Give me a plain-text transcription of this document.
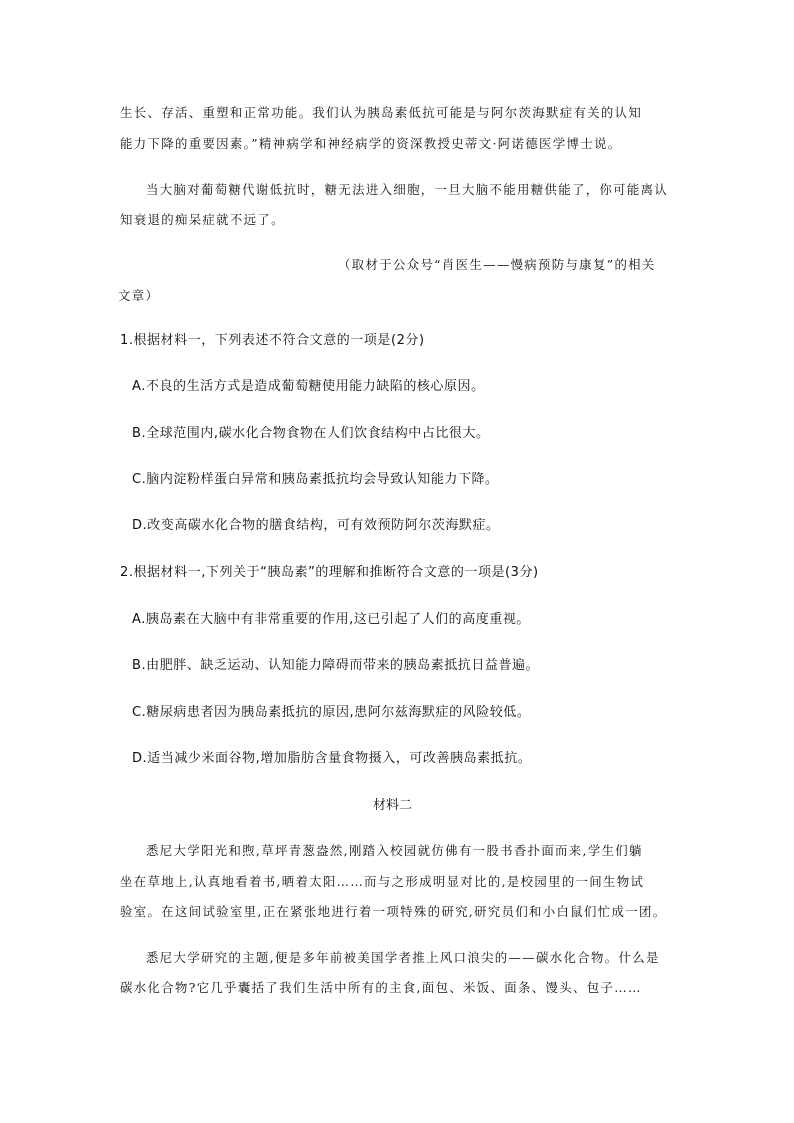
生长、存活、重塑和正常功能。我们认为胰岛素低抗可能是与阿尔茨海默症有关的认知
能力下降的重要因素。”精神病学和神经病学的资深教授史蒂文·阿诺德医学博士说。
当大脑对葡萄糖代谢低抗时，糖无法进入细胞，一旦大脑不能用糖供能了，你可能离认
知衰退的痴呆症就不远了。
（取材于公众号“肖医生——慢病预防与康复”的相关
文章）
1.根据材料一，下列表述不符合文意的一项是(2分)
A.不良的生活方式是造成葡萄糖使用能力缺陷的核心原因。
B.全球范围内,碳水化合物食物在人们饮食结构中占比很大。
C.脑内淀粉样蛋白异常和胰岛素抵抗均会导致认知能力下降。
D.改变高碳水化合物的膳食结构，可有效预防阿尔茨海默症。
2.根据材料一,下列关于“胰岛素”的理解和推断符合文意的一项是(3分)
A.胰岛素在大脑中有非常重要的作用,这已引起了人们的高度重视。
B.由肥胖、缺乏运动、认知能力障碍而带来的胰岛素抵抗日益普遍。
C.糖尿病患者因为胰岛素抵抗的原因,患阿尔兹海默症的风险较低。
D.适当减少米面谷物,增加脂肪含量食物摄入，可改善胰岛素抵抗。
材料二
悉尼大学阳光和煦,草坪青葱盎然,刚踏入校园就仿佛有一股书香扑面而来,学生们躺
坐在草地上,认真地看着书,晒着太阳……而与之形成明显对比的,是校园里的一间生物试
验室。在这间试验室里,正在紧张地进行着一项特殊的研究,研究员们和小白鼠们忙成一团。
悉尼大学研究的主题,便是多年前被美国学者推上风口浪尖的——碳水化合物。什么是
碳水化合物?它几乎囊括了我们生活中所有的主食,面包、米饭、面条、馒头、包子……
